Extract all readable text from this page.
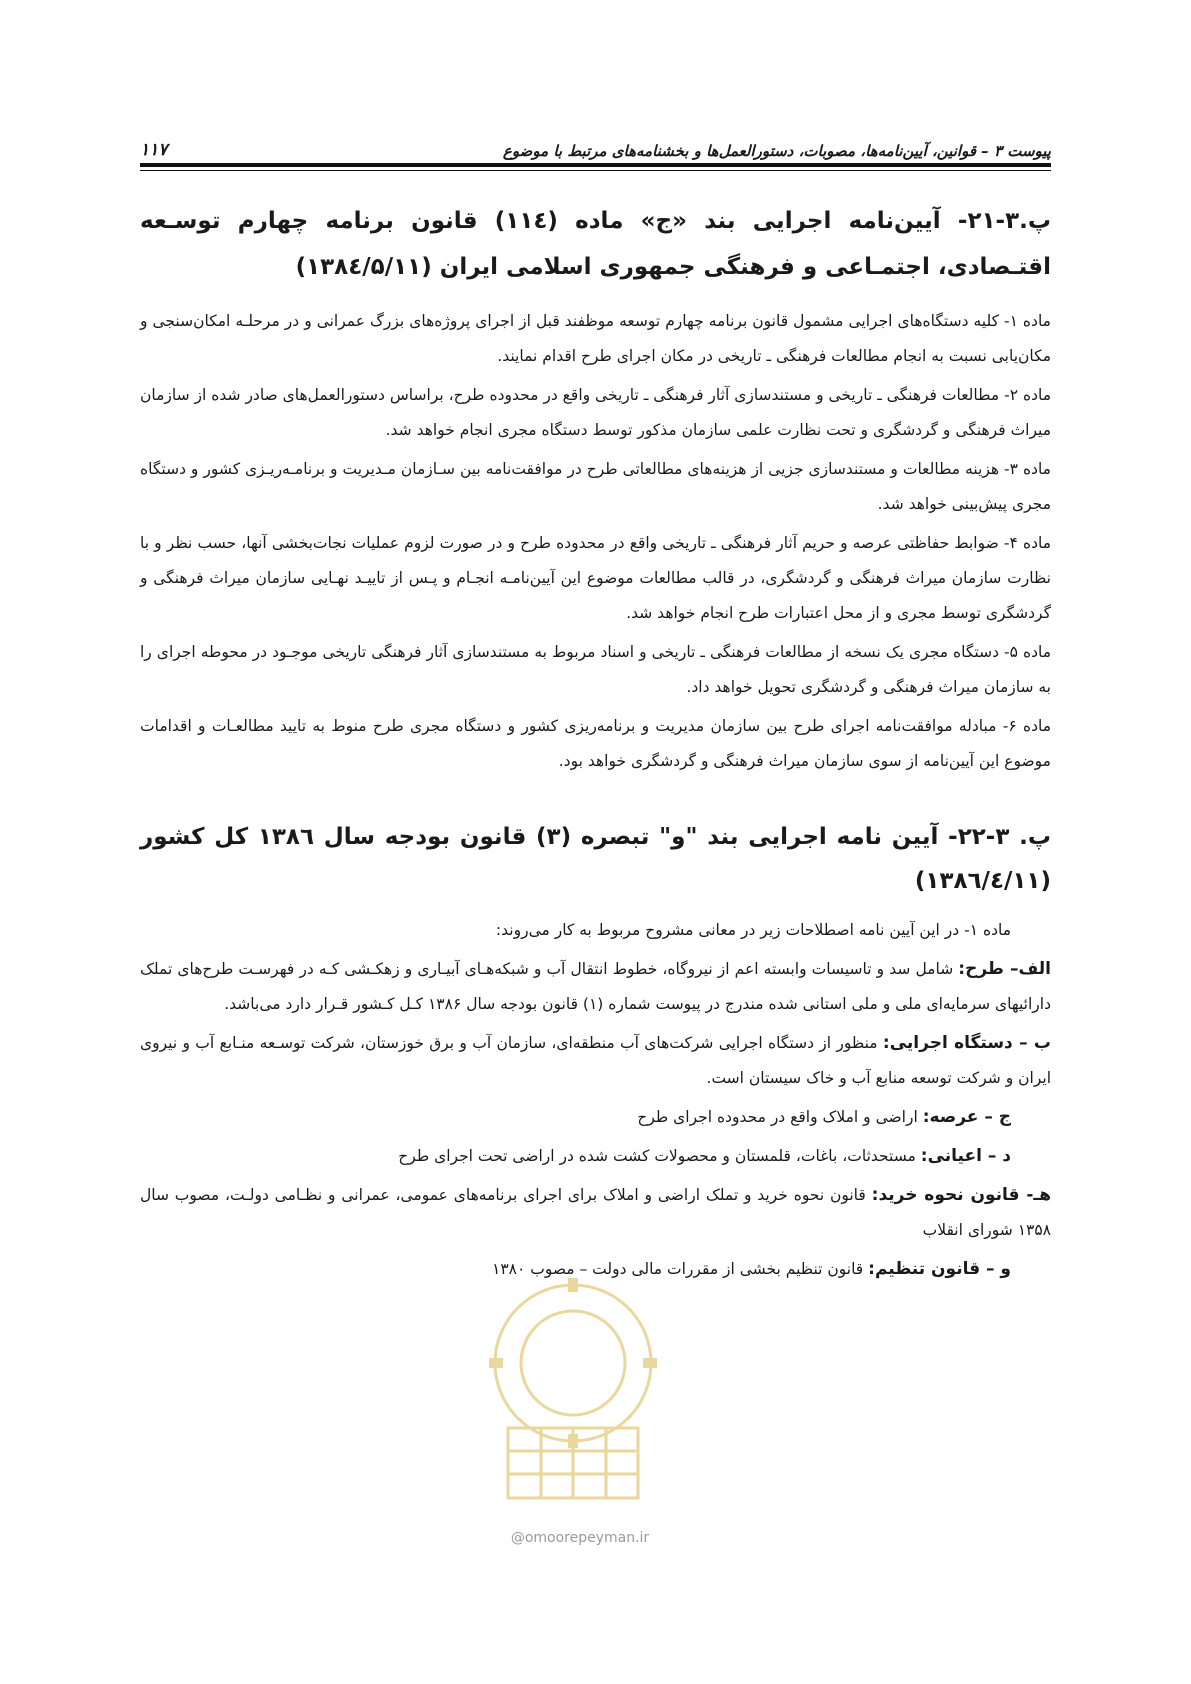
پیوست ۳ – قوانین، آیین‌نامه‌ها، مصوبات، دستورالعمل‌ها و بخشنامه‌های مرتبط با موضوع
۱۱۷
پ.۳-۲۱- آیین‌نامه اجرایی بند «ج» ماده (۱۱٤) قانون برنامه چهارم توسـعه اقتـصادی، اجتمـاعی و فرهنگی جمهوری اسلامی ایران (۱۳۸٤/۵/۱۱)

ماده ۱- کلیه دستگاه‌های اجرایی مشمول قانون برنامه چهارم توسعه موظفند قبل از اجرای پروژه‌های بزرگ عمرانی و در مرحلـه امکان‌سنجی و مکان‌یابی نسبت به انجام مطالعات فرهنگی ـ تاریخی در مکان اجرای طرح اقدام نمایند.

ماده ۲- مطالعات فرهنگی ـ تاریخی و مستندسازی آثار فرهنگی ـ تاریخی واقع در محدوده طرح، براساس دستورالعمل‌های صادر شده از سازمان میراث فرهنگی و گردشگری و تحت نظارت علمی سازمان مذکور توسط دستگاه مجری انجام خواهد شد.

ماده ۳- هزینه مطالعات و مستندسازی جزیی از هزینه‌های مطالعاتی طرح در موافقت‌نامه بین سـازمان مـدیریت و برنامـه‌ریـزی کشور و دستگاه مجری پیش‌بینی خواهد شد.

ماده ۴- ضوابط حفاظتی عرصه و حریم آثار فرهنگی ـ تاریخی واقع در محدوده طرح و در صورت لزوم عملیات نجات‌بخشی آنها، حسب نظر و با نظارت سازمان میراث فرهنگی و گردشگری، در قالب مطالعات موضوع این آیین‌نامـه انجـام و پـس از تاییـد نهـایی سازمان میراث فرهنگی و گردشگری توسط مجری و از محل اعتبارات طرح انجام خواهد شد.

ماده ۵- دستگاه مجری یک نسخه از مطالعات فرهنگی ـ تاریخی و اسناد مربوط به مستندسازی آثار فرهنگی تاریخی موجـود در محوطه اجرای را به سازمان میراث فرهنگی و گردشگری تحویل خواهد داد.

ماده ۶- مبادله موافقت‌نامه اجرای طرح بین سازمان مدیریت و برنامه‌ریزی کشور و دستگاه مجری طرح منوط به تایید مطالعـات و اقدامات موضوع این آیین‌نامه از سوی سازمان میراث فرهنگی و گردشگری خواهد بود.

پ. ۳-۲۲- آیین نامه اجرایی بند "و" تبصره (۳) قانون بودجه سال ۱۳۸٦ کل کشور (۱۳۸٦/٤/۱۱)

ماده ۱- در این آیین نامه اصطلاحات زیر در معانی مشروح مربوط به کار می‌روند:

الف– طرح: شامل سد و تاسیسات وابسته اعم از نیروگاه، خطوط انتقال آب و شبکه‌هـای آبیـاری و زهکـشی کـه در فهرسـت طرح‌های تملک دارائیهای سرمایه‌ای ملی و ملی استانی شده مندرج در پیوست شماره (۱) قانون بودجه سال ۱۳۸۶ کـل کـشور قـرار دارد می‌باشد.

ب – دستگاه اجرایی: منظور از دستگاه اجرایی شرکت‌های آب منطقه‌ای، سازمان آب و برق خوزستان، شرکت توسـعه منـابع آب و نیروی ایران و شرکت توسعه منابع آب و خاک سیستان است.

ج – عرصه: اراضی و املاک واقع در محدوده اجرای طرح

د – اعیانی: مستحدثات، باغات، قلمستان و محصولات کشت شده در اراضی تحت اجرای طرح

هـ- قانون نحوه خرید: قانون نحوه خرید و تملک اراضی و املاک برای اجرای برنامه‌های عمومی، عمرانی و نظـامی دولـت، مصوب سال ۱۳۵۸ شورای انقلاب

و – قانون تنظیم: قانون تنظیم بخشی از مقررات مالی دولت – مصوب ۱۳۸۰

@omoorepeyman.ir
